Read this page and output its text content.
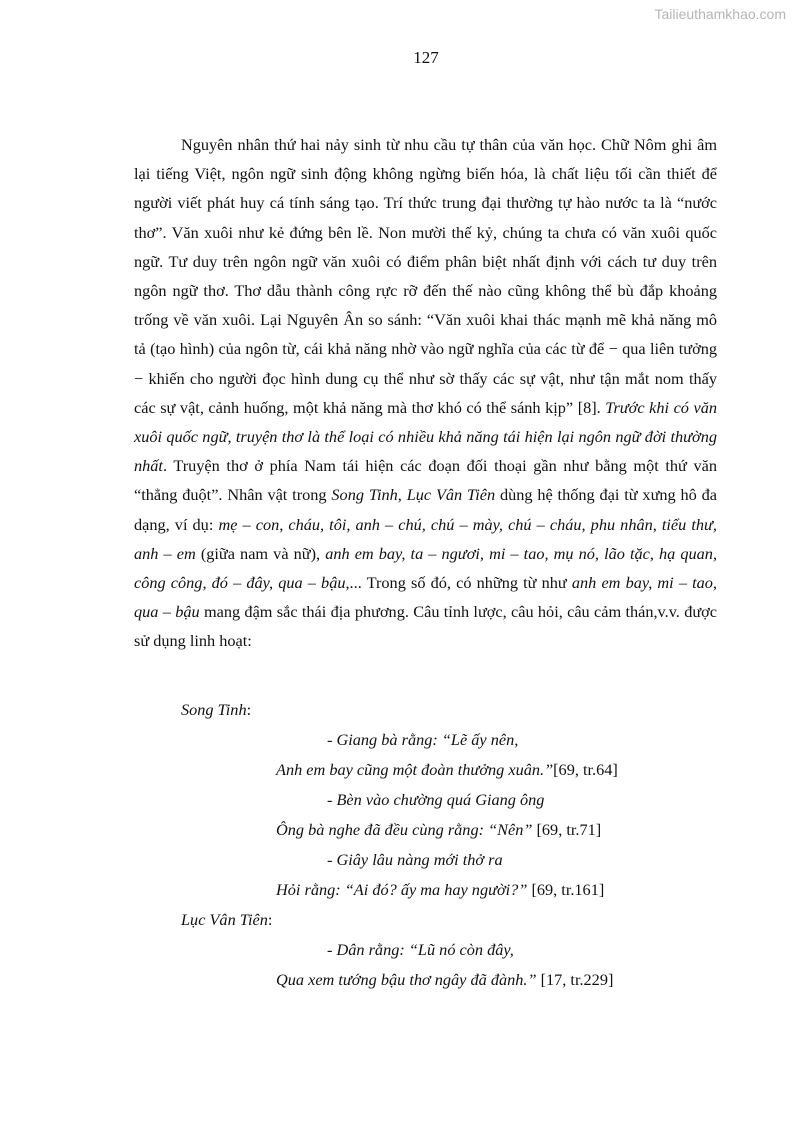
Tailieuthamkhao.com
127

Nguyên nhân thứ hai nảy sinh từ nhu cầu tự thân của văn học. Chữ Nôm ghi âm lại tiếng Việt, ngôn ngữ sinh động không ngừng biến hóa, là chất liệu tối cần thiết để người viết phát huy cá tính sáng tạo. Trí thức trung đại thường tự hào nước ta là “nước thơ”. Văn xuôi như kẻ đứng bên lề. Non mười thế kỷ, chúng ta chưa có văn xuôi quốc ngữ. Tư duy trên ngôn ngữ văn xuôi có điểm phân biệt nhất định với cách tư duy trên ngôn ngữ thơ. Thơ dẫu thành công rực rỡ đến thế nào cũng không thể bù đắp khoảng trống về văn xuôi. Lại Nguyên Ân so sánh: “Văn xuôi khai thác mạnh mẽ khả năng mô tả (tạo hình) của ngôn từ, cái khả năng nhờ vào ngữ nghĩa của các từ để − qua liên tưởng − khiến cho người đọc hình dung cụ thể như sờ thấy các sự vật, như tận mắt nom thấy các sự vật, cảnh huống, một khả năng mà thơ khó có thể sánh kịp” [8]. Trước khi có văn xuôi quốc ngữ, truyện thơ là thể loại có nhiều khả năng tái hiện lại ngôn ngữ đời thường nhất. Truyện thơ ở phía Nam tái hiện các đoạn đối thoại gần như bằng một thứ văn “thẳng đuột”. Nhân vật trong Song Tinh, Lục Vân Tiên dùng hệ thống đại từ xưng hô đa dạng, ví dụ: mẹ – con, cháu, tôi, anh – chú, chú – mày, chú – cháu, phu nhân, tiểu thư, anh – em (giữa nam và nữ), anh em bay, ta – ngươi, mi – tao, mụ nó, lão tặc, hạ quan, công công, đó – đây, qua – bậu,... Trong số đó, có những từ như anh em bay, mi – tao, qua – bậu mang đậm sắc thái địa phương. Câu tỉnh lược, câu hỏi, câu cảm thán,v.v. được sử dụng linh hoạt:

Song Tinh:
- Giang bà rằng: “Lẽ ấy nên,
Anh em bay cũng một đoàn thưởng xuân.”[69, tr.64]
- Bèn vào chường quá Giang ông
Ông bà nghe đã đều cùng rằng: “Nên” [69, tr.71]
- Giây lâu nàng mới thở ra
Hỏi rằng: “Ai đó? ấy ma hay người?” [69, tr.161]
Lục Vân Tiên:
- Dân rằng: “Lũ nó còn đây,
Qua xem tướng bậu thơ ngây đã đành.” [17, tr.229]
